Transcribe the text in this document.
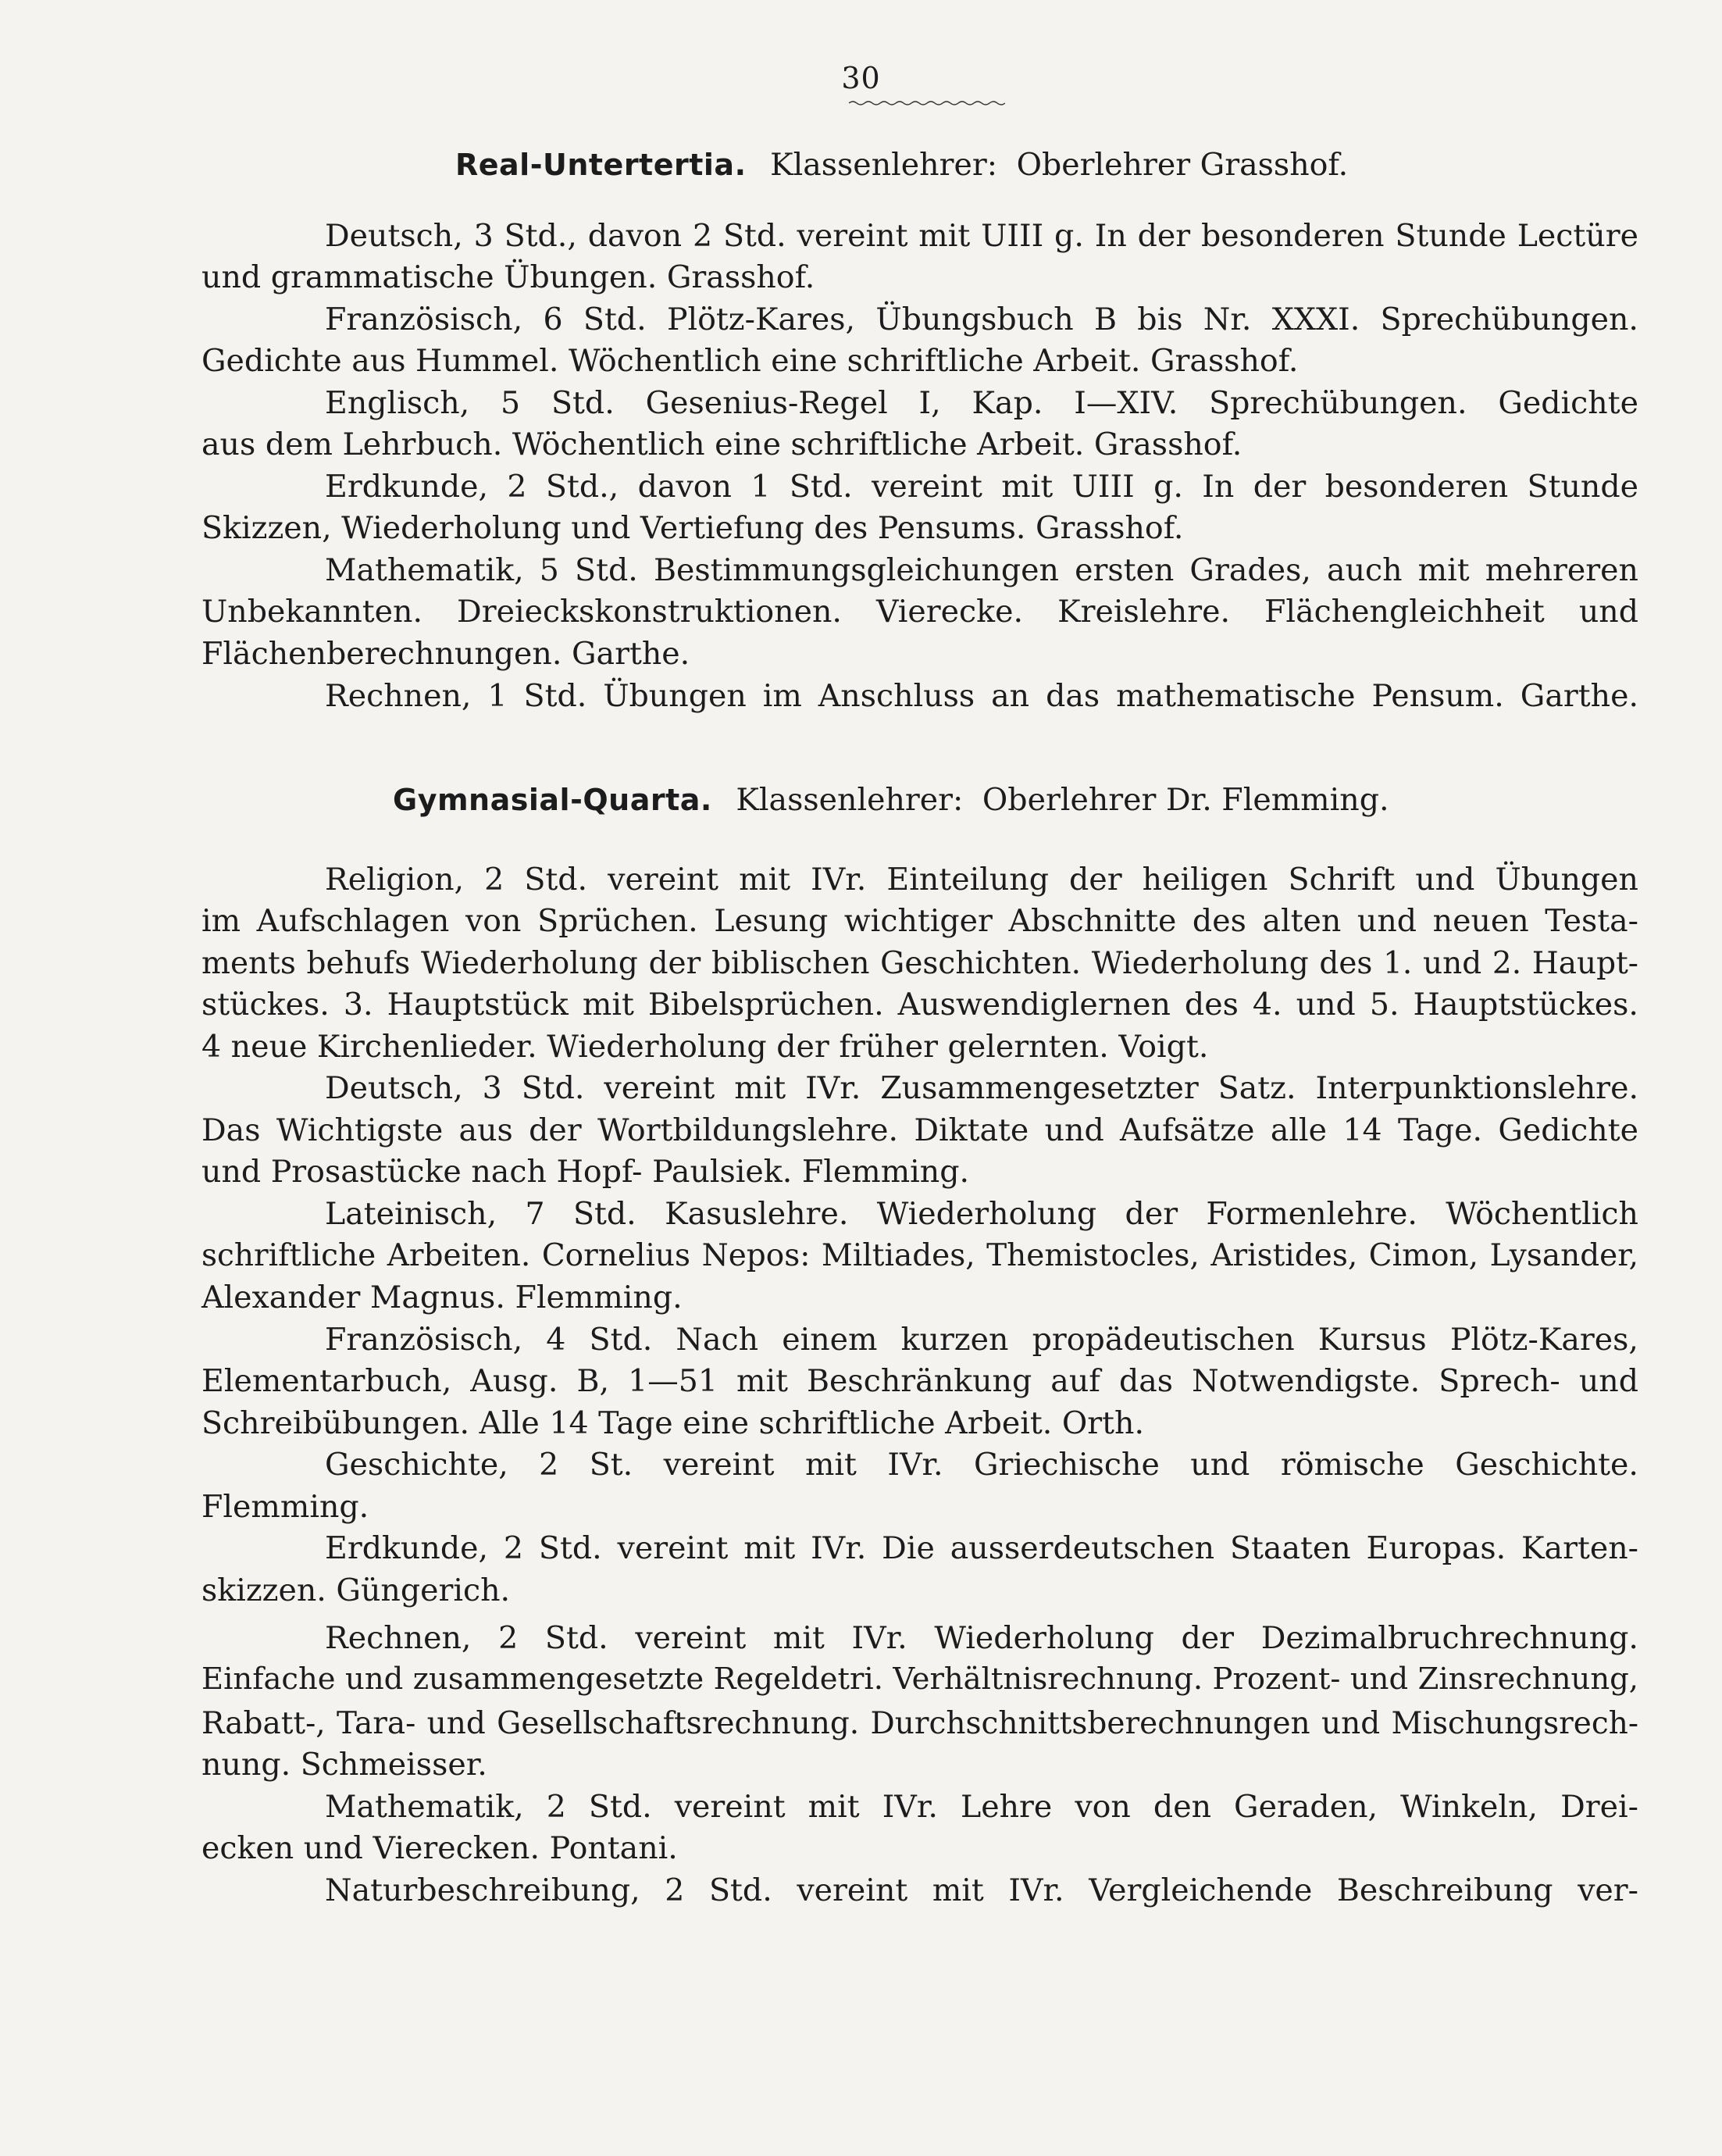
30
Real-Untertertia. Klassenlehrer: Oberlehrer Grasshof.
Deutsch, 3 Std., davon 2 Std. vereint mit UIII g. In der besonderen Stunde Lectüre
und grammatische Übungen. Grasshof.
Französisch, 6 Std. Plötz-Kares, Übungsbuch B bis Nr. XXXI. Sprechübungen.
Gedichte aus Hummel. Wöchentlich eine schriftliche Arbeit. Grasshof.
Englisch, 5 Std. Gesenius-Regel I, Kap. I—XIV. Sprechübungen. Gedichte
aus dem Lehrbuch. Wöchentlich eine schriftliche Arbeit. Grasshof.
Erdkunde, 2 Std., davon 1 Std. vereint mit UIII g. In der besonderen Stunde
Skizzen, Wiederholung und Vertiefung des Pensums. Grasshof.
Mathematik, 5 Std. Bestimmungsgleichungen ersten Grades, auch mit mehreren
Unbekannten. Dreieckskonstruktionen. Vierecke. Kreislehre. Flächengleichheit und
Flächenberechnungen. Garthe.
Rechnen, 1 Std. Übungen im Anschluss an das mathematische Pensum. Garthe.
Gymnasial-Quarta. Klassenlehrer: Oberlehrer Dr. Flemming.
Religion, 2 Std. vereint mit IVr. Einteilung der heiligen Schrift und Übungen
im Aufschlagen von Sprüchen. Lesung wichtiger Abschnitte des alten und neuen Testa-
ments behufs Wiederholung der biblischen Geschichten. Wiederholung des 1. und 2. Haupt-
stückes. 3. Hauptstück mit Bibelsprüchen. Auswendiglernen des 4. und 5. Hauptstückes.
4 neue Kirchenlieder. Wiederholung der früher gelernten. Voigt.
Deutsch, 3 Std. vereint mit IVr. Zusammengesetzter Satz. Interpunktionslehre.
Das Wichtigste aus der Wortbildungslehre. Diktate und Aufsätze alle 14 Tage. Gedichte
und Prosastücke nach Hopf- Paulsiek. Flemming.
Lateinisch, 7 Std. Kasuslehre. Wiederholung der Formenlehre. Wöchentlich
schriftliche Arbeiten. Cornelius Nepos: Miltiades, Themistocles, Aristides, Cimon, Lysander,
Alexander Magnus. Flemming.
Französisch, 4 Std. Nach einem kurzen propädeutischen Kursus Plötz-Kares,
Elementarbuch, Ausg. B, 1—51 mit Beschränkung auf das Notwendigste. Sprech- und
Schreibübungen. Alle 14 Tage eine schriftliche Arbeit. Orth.
Geschichte, 2 St. vereint mit IVr. Griechische und römische Geschichte.
Flemming.
Erdkunde, 2 Std. vereint mit IVr. Die ausserdeutschen Staaten Europas. Karten-
skizzen. Güngerich.
Rechnen, 2 Std. vereint mit IVr. Wiederholung der Dezimalbruchrechnung.
Einfache und zusammengesetzte Regeldetri. Verhältnisrechnung. Prozent- und Zinsrechnung,
Rabatt-, Tara- und Gesellschaftsrechnung. Durchschnittsberechnungen und Mischungsrech-
nung. Schmeisser.
Mathematik, 2 Std. vereint mit IVr. Lehre von den Geraden, Winkeln, Drei-
ecken und Vierecken. Pontani.
Naturbeschreibung, 2 Std. vereint mit IVr. Vergleichende Beschreibung ver-
